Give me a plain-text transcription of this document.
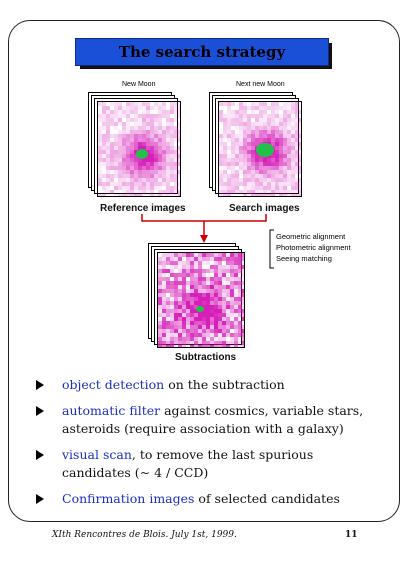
The search strategy
New Moon	Next new Moon
Reference images	Search images
Geometric alignment
Photometric alignment
Seeing matching
Subtractions
object detection on the subtraction
automatic filter against cosmics, variable stars, asteroids (require association with a galaxy)
visual scan, to remove the last spurious candidates (∼ 4 / CCD)
Confirmation images of selected candidates
XIth Rencontres de Blois. July 1st, 1999.	11
